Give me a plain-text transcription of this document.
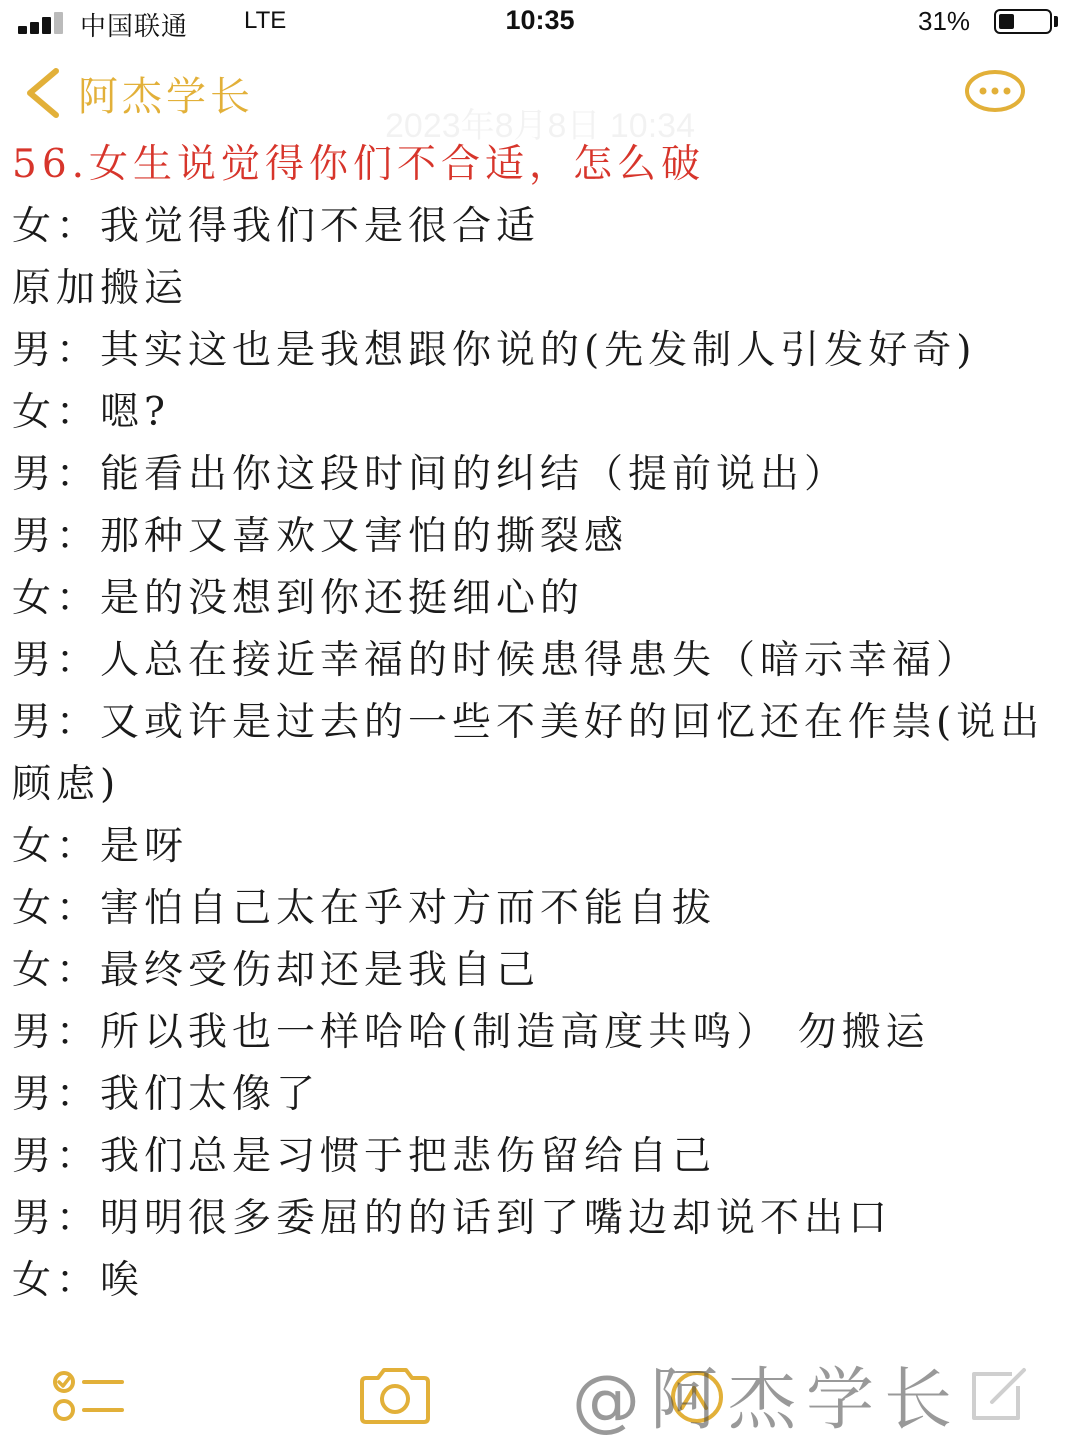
中国联通 LTE	10:35	31%
阿杰学长
2023年8月8日 10:34
56.女生说觉得你们不合适，怎么破

女：我觉得我们不是很合适

原加搬运

男：其实这也是我想跟你说的(先发制人引发好奇)

女：嗯?

男：能看出你这段时间的纠结（提前说出）

男：那种又喜欢又害怕的撕裂感

女：是的没想到你还挺细心的

男：人总在接近幸福的时候患得患失（暗示幸福）

男：又或许是过去的一些不美好的回忆还在作祟(说出顾虑)

女：是呀

女：害怕自己太在乎对方而不能自拔

女：最终受伤却还是我自己

男：所以我也一样哈哈(制造高度共鸣） 勿搬运

男：我们太像了

男：我们总是习惯于把悲伤留给自己

男：明明很多委屈的的话到了嘴边却说不出口

女：唉

@阿杰学长
